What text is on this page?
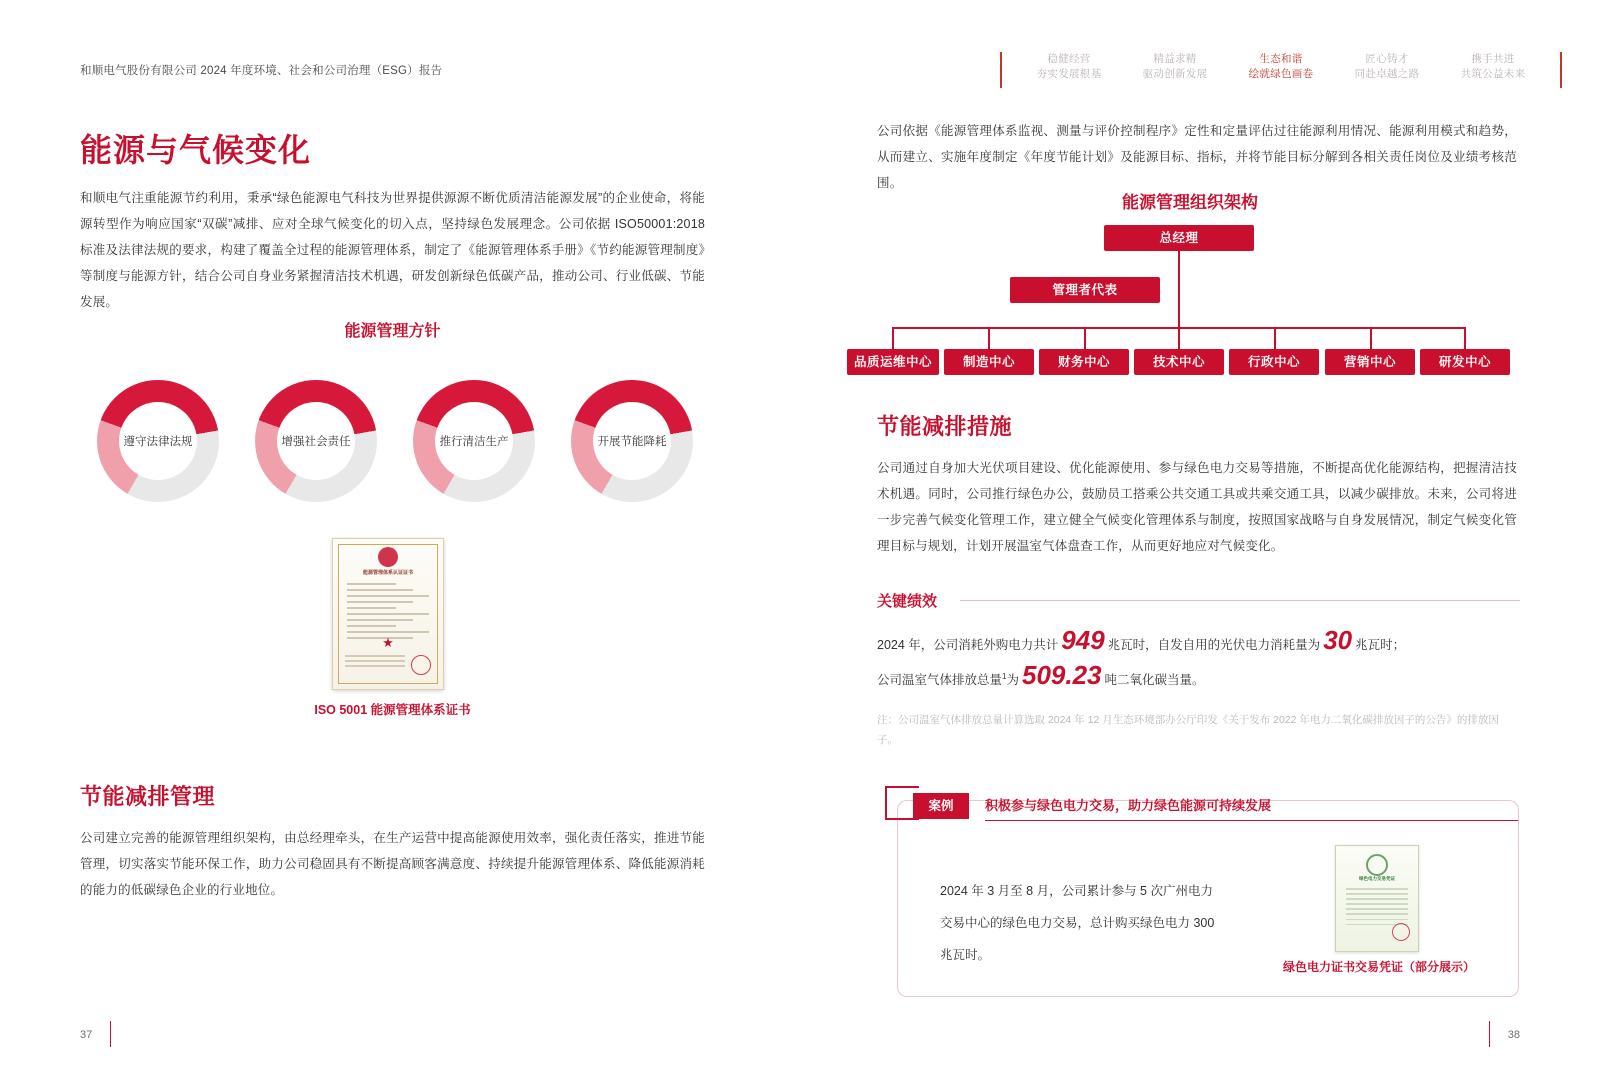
和顺电气股份有限公司 2024 年度环境、社会和公司治理（ESG）报告
能源与气候变化
和顺电气注重能源节约利用，秉承“绿色能源电气科技为世界提供源源不断优质清洁能源发展”的企业使命，将能源转型作为响应国家“双碳”减排、应对全球气候变化的切入点，坚持绿色发展理念。公司依据 ISO50001:2018 标准及法律法规的要求，构建了覆盖全过程的能源管理体系，制定了《能源管理体系手册》《节约能源管理制度》等制度与能源方针，结合公司自身业务紧握清洁技术机遇，研发创新绿色低碳产品，推动公司、行业低碳、节能发展。
能源管理方针
遵守法律法规	增强社会责任	推行清洁生产	开展节能降耗
能源管理体系认证证书
★
ISO 5001 能源管理体系证书
节能减排管理
公司建立完善的能源管理组织架构，由总经理牵头，在生产运营中提高能源使用效率，强化责任落实，推进节能管理，切实落实节能环保工作，助力公司稳固具有不断提高顾客满意度、持续提升能源管理体系、降低能源消耗的能力的低碳绿色企业的行业地位。
37
稳健经营
夯实发展根基
精益求精
驱动创新发展
生态和谐
绘就绿色画卷
匠心铸才
同赴卓越之路
携手共进
共筑公益未来
公司依据《能源管理体系监视、测量与评价控制程序》定性和定量评估过往能源利用情况、能源利用模式和趋势，从而建立、实施年度制定《年度节能计划》及能源目标、指标，并将节能目标分解到各相关责任岗位及业绩考核范围。
能源管理组织架构
总经理
管理者代表
品质运维中心	制造中心	财务中心	技术中心	行政中心	营销中心	研发中心
节能减排措施
公司通过自身加大光伏项目建设、优化能源使用、参与绿色电力交易等措施，不断提高优化能源结构，把握清洁技术机遇。同时，公司推行绿色办公，鼓励员工搭乘公共交通工具或共乘交通工具，以减少碳排放。未来，公司将进一步完善气候变化管理工作，建立健全气候变化管理体系与制度，按照国家战略与自身发展情况，制定气候变化管理目标与规划，计划开展温室气体盘查工作，从而更好地应对气候变化。
关键绩效
2024 年，公司消耗外购电力共计 949 兆瓦时，自发自用的光伏电力消耗量为 30 兆瓦时；
公司温室气体排放总量$^1$为 509.23 吨二氧化碳当量。
注：公司温室气体排放总量计算选取 2024 年 12 月生态环境部办公厅印发《关于发布 2022 年电力二氧化碳排放因子的公告》的排放因子。
案例	积极参与绿色电力交易，助力绿色能源可持续发展
2024 年 3 月至 8 月，公司累计参与 5 次广州电力交易中心的绿色电力交易，总计购买绿色电力 300 兆瓦时。
绿色电力交易凭证
绿色电力证书交易凭证（部分展示）
38
